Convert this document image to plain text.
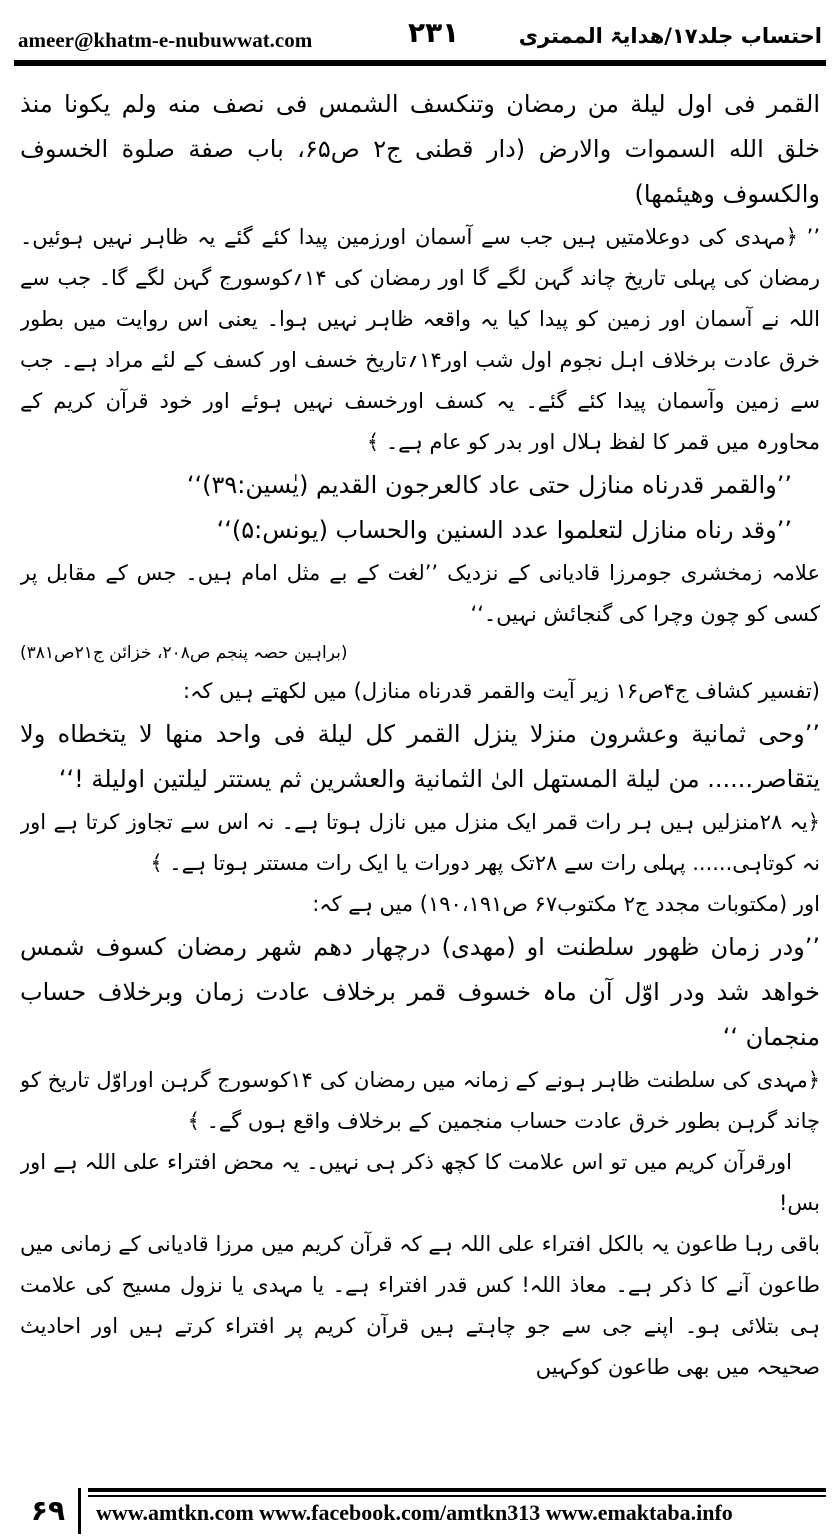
ameer@khatm-e-nubuwwat.com	۲۳۱	احتساب جلد۱۷/ھدایۃ الممتری

القمر فی اول لیلة من رمضان وتنکسف الشمس فی نصف منه ولم یکونا منذ خلق الله السموات والارض (دار قطنی ج۲ ص۶۵، باب صفة صلوة الخسوف والکسوف وھیئمھا)

’’ ﴿مہدی کی دوعلامتیں ہیں جب سے آسمان اورزمین پیدا کئے گئے یہ ظاہر نہیں ہوئیں۔ رمضان کی پہلی تاریخ چاند گہن لگے گا اور رمضان کی ۱۴؍کوسورج گہن لگے گا۔ جب سے اللہ نے آسمان اور زمین کو پیدا کیا یہ واقعہ ظاہر نہیں ہوا۔ یعنی اس روایت میں بطور خرق عادت برخلاف اہل نجوم اول شب اور۱۴؍تاریخ خسف اور کسف کے لئے مراد ہے۔ جب سے زمین وآسمان پیدا کئے گئے۔ یہ کسف اورخسف نہیں ہوئے اور خود قرآن کریم کے محاورہ میں قمر کا لفظ ہلال اور بدر کو عام ہے۔ ﴾

’’والقمر قدرناه منازل حتی عاد کالعرجون القدیم (یٰسین:۳۹)‘‘

’’وقد رناه منازل لتعلموا عدد السنین والحساب (یونس:۵)‘‘

علامہ زمخشری جومرزا قادیانی کے نزدیک ’’لغت کے بے مثل امام ہیں۔ جس کے مقابل پر کسی کو چون وچرا کی گنجائش نہیں۔‘‘

(براہین حصہ پنجم ص۲۰۸، خزائن ج۲۱ص۳۸۱)

(تفسیر کشاف ج۴ص۱۶ زیر آیت والقمر قدرناه منازل) میں لکھتے ہیں کہ:

’’وحی ثمانیة وعشرون منزلا ینزل القمر کل لیلة فی واحد منھا لا یتخطاه ولا یتقاصر...... من لیلة المستھل الیٰ الثمانیة والعشرین ثم یستتر لیلتین اولیلة !‘‘

﴿یہ ۲۸منزلیں ہیں ہر رات قمر ایک منزل میں نازل ہوتا ہے۔ نہ اس سے تجاوز کرتا ہے اور نہ کوتاہی...... پہلی رات سے ۲۸تک پھر دورات یا ایک رات مستتر ہوتا ہے۔ ﴾

اور (مکتوبات مجدد ج۲ مکتوب۶۷ ص۱۹۰،۱۹۱) میں ہے کہ:

’’ودر زمان ظھور سلطنت او (مھدی) درچھار دھم شھر رمضان کسوف شمس خواھد شد ودر اوّل آن ماہ خسوف قمر برخلاف عادت زمان وبرخلاف حساب منجمان ‘‘

﴿مہدی کی سلطنت ظاہر ہونے کے زمانہ میں رمضان کی ۱۴کوسورج گرہن اوراوّل تاریخ کو چاند گرہن بطور خرق عادت حساب منجمین کے برخلاف واقع ہوں گے۔ ﴾

اورقرآن کریم میں تو اس علامت کا کچھ ذکر ہی نہیں۔ یہ محض افتراء علی اللہ ہے اور بس!

باقی رہا طاعون یہ بالکل افتراء علی اللہ ہے کہ قرآن کریم میں مرزا قادیانی کے زمانی میں طاعون آنے کا ذکر ہے۔ معاذ اللہ! کس قدر افتراء ہے۔ یا مہدی یا نزول مسیح کی علامت ہی بتلائی ہو۔ اپنے جی سے جو چاہتے ہیں قرآن کریم پر افتراء کرتے ہیں اور احادیث صحیحہ میں بھی طاعون کوکہیں

۶۹	www.amtkn.com www.facebook.com/amtkn313 www.emaktaba.info
